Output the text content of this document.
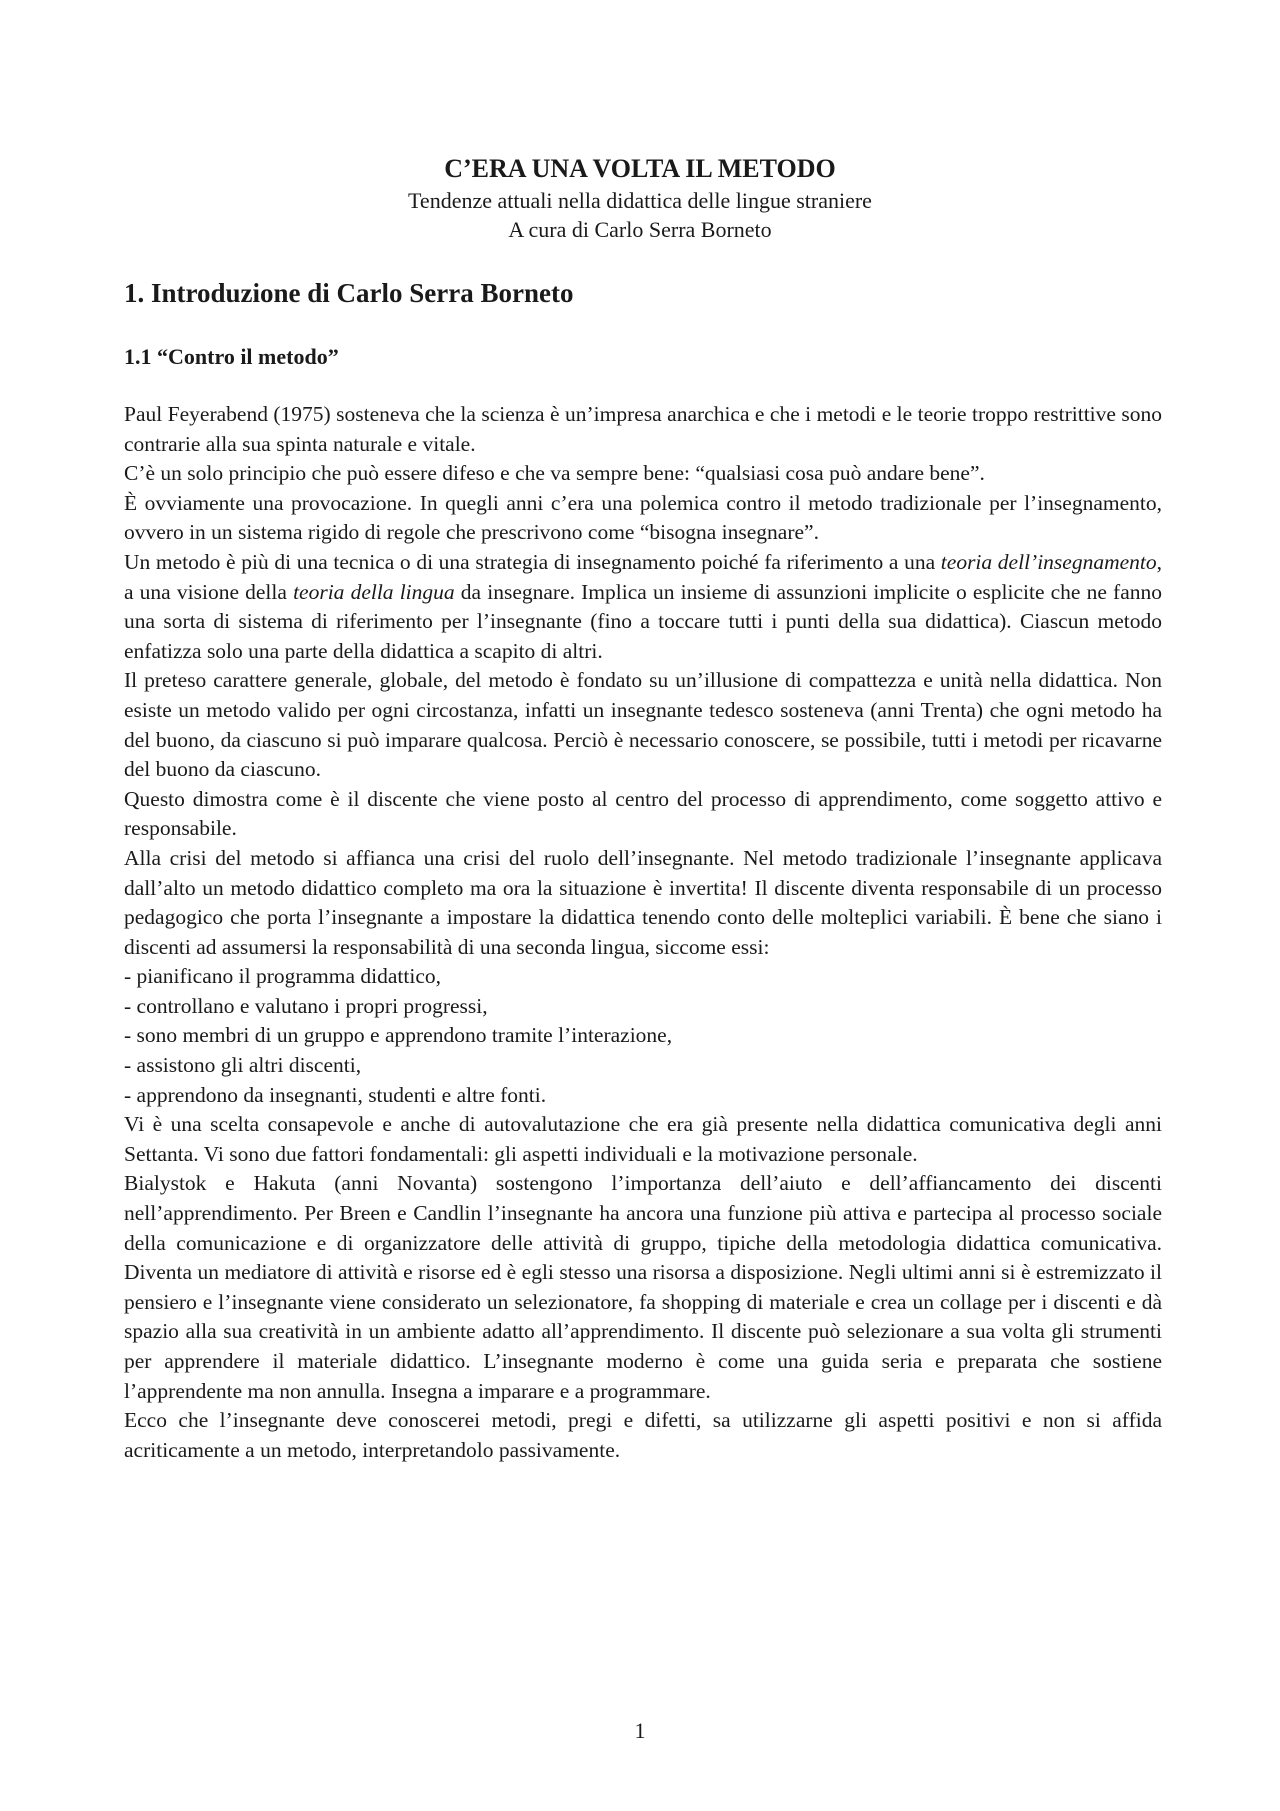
C’ERA UNA VOLTA IL METODO

Tendenze attuali nella didattica delle lingue straniere

A cura di Carlo Serra Borneto

1. Introduzione di Carlo Serra Borneto
1.1 “Contro il metodo”

Paul Feyerabend (1975) sosteneva che la scienza è un’impresa anarchica e che i metodi e le teorie troppo restrittive sono contrarie alla sua spinta naturale e vitale.

C’è un solo principio che può essere difeso e che va sempre bene: “qualsiasi cosa può andare bene”.

È ovviamente una provocazione. In quegli anni c’era una polemica contro il metodo tradizionale per l’insegnamento, ovvero in un sistema rigido di regole che prescrivono come “bisogna insegnare”.

Un metodo è più di una tecnica o di una strategia di insegnamento poiché fa riferimento a una teoria dell’insegnamento, a una visione della teoria della lingua da insegnare. Implica un insieme di assunzioni implicite o esplicite che ne fanno una sorta di sistema di riferimento per l’insegnante (fino a toccare tutti i punti della sua didattica). Ciascun metodo enfatizza solo una parte della didattica a scapito di altri.

Il preteso carattere generale, globale, del metodo è fondato su un’illusione di compattezza e unità nella didattica. Non esiste un metodo valido per ogni circostanza, infatti un insegnante tedesco sosteneva (anni Trenta) che ogni metodo ha del buono, da ciascuno si può imparare qualcosa. Perciò è necessario conoscere, se possibile, tutti i metodi per ricavarne del buono da ciascuno.

Questo dimostra come è il discente che viene posto al centro del processo di apprendimento, come soggetto attivo e responsabile.

Alla crisi del metodo si affianca una crisi del ruolo dell’insegnante. Nel metodo tradizionale l’insegnante applicava dall’alto un metodo didattico completo ma ora la situazione è invertita! Il discente diventa responsabile di un processo pedagogico che porta l’insegnante a impostare la didattica tenendo conto delle molteplici variabili. È bene che siano i discenti ad assumersi la responsabilità di una seconda lingua, siccome essi:

- pianificano il programma didattico,
- controllano e valutano i propri progressi,
- sono membri di un gruppo e apprendono tramite l’interazione,
- assistono gli altri discenti,
- apprendono da insegnanti, studenti e altre fonti.

Vi è una scelta consapevole e anche di autovalutazione che era già presente nella didattica comunicativa degli anni Settanta. Vi sono due fattori fondamentali: gli aspetti individuali e la motivazione personale.

Bialystok e Hakuta (anni Novanta) sostengono l’importanza dell’aiuto e dell’affiancamento dei discenti nell’apprendimento. Per Breen e Candlin l’insegnante ha ancora una funzione più attiva e partecipa al processo sociale della comunicazione e di organizzatore delle attività di gruppo, tipiche della metodologia didattica comunicativa. Diventa un mediatore di attività e risorse ed è egli stesso una risorsa a disposizione. Negli ultimi anni si è estremizzato il pensiero e l’insegnante viene considerato un selezionatore, fa shopping di materiale e crea un collage per i discenti e dà spazio alla sua creatività in un ambiente adatto all’apprendimento. Il discente può selezionare a sua volta gli strumenti per apprendere il materiale didattico. L’insegnante moderno è come una guida seria e preparata che sostiene l’apprendente ma non annulla. Insegna a imparare e a programmare.

Ecco che l’insegnante deve conoscerei metodi, pregi e difetti, sa utilizzarne gli aspetti positivi e non si affida acriticamente a un metodo, interpretandolo passivamente.

1
